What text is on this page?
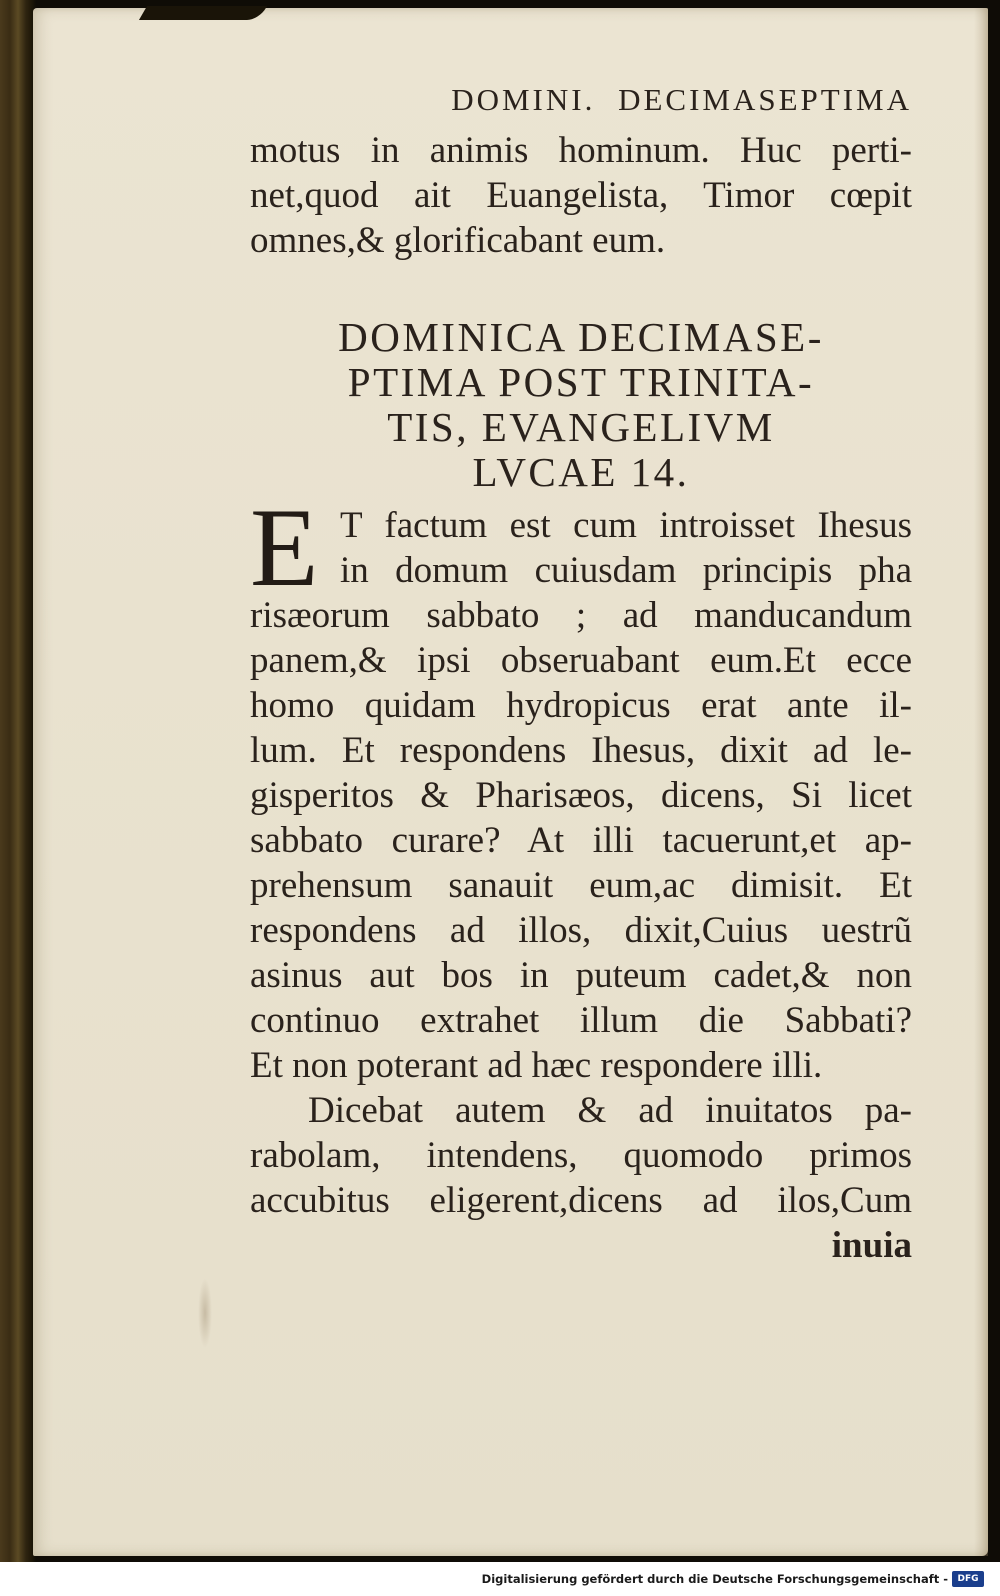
DOMINI. DECIMASEPTIMA
motus in animis hominum. Huc perti‐
net,quod ait Euangelista, Timor cœpit
omnes,& glorificabant eum.
DOMINICA DECIMASE‐
PTIMA POST TRINITA‐
TIS, EVANGELIVM
LVCAE 14.
E T factum est cum introisset Ihesus
in domum cuiusdam principis pha
risæorum sabbato ; ad manducandum
panem,& ipsi obseruabant eum.Et ecce
homo quidam hydropicus erat ante il‐
lum. Et respondens Ihesus, dixit ad le‐
gisperitos & Pharisæos, dicens, Si licet
sabbato curare? At illi tacuerunt,et ap‐
prehensum sanauit eum,ac dimisit. Et
respondens ad illos, dixit,Cuius uestrũ
asinus aut bos in puteum cadet,& non
continuo extrahet illum die Sabbati?
Et non poterant ad hæc respondere illi.
Dicebat autem & ad inuitatos pa‐
rabolam, intendens, quomodo primos
accubitus eligerent,dicens ad ilos,Cum
inuia
Digitalisierung gefördert durch die Deutsche Forschungsgemeinschaft -	DFG
